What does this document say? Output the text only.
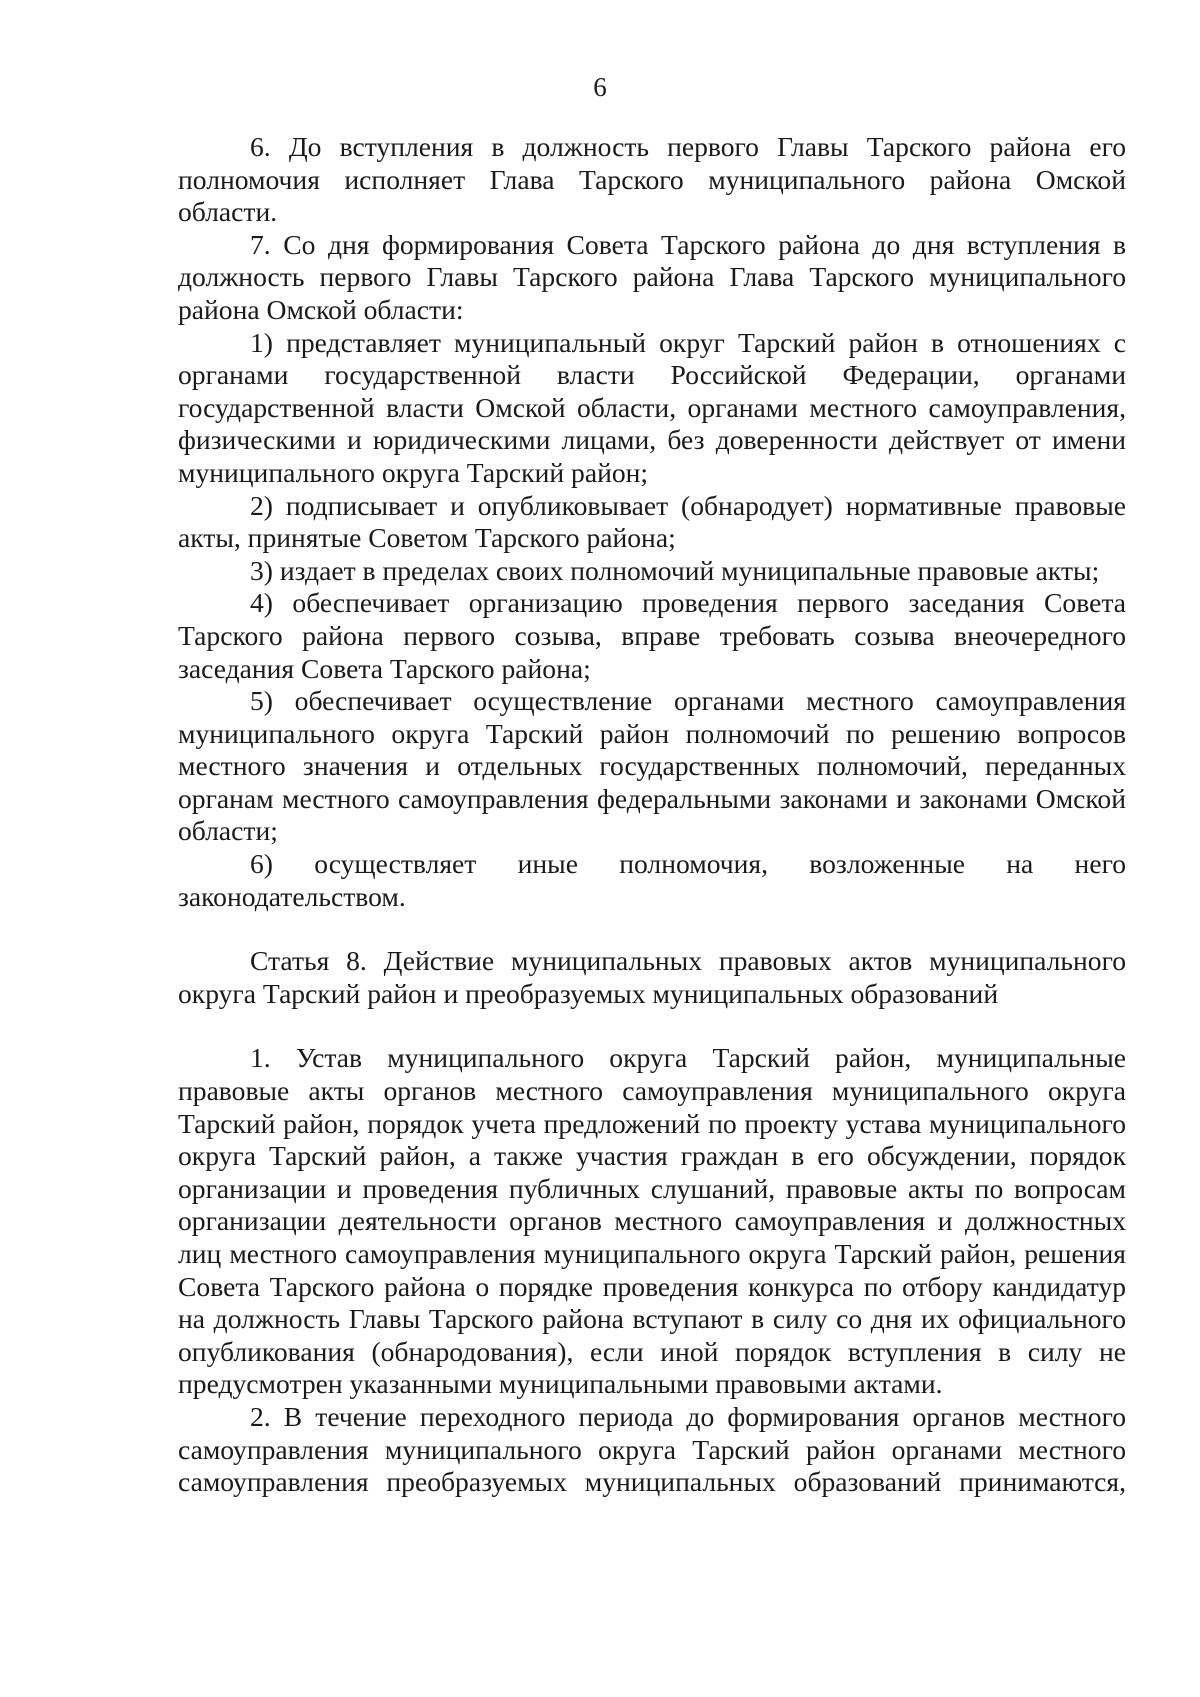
6

6. До вступления в должность первого Главы Тарского района его полномочия исполняет Глава Тарского муниципального района Омской области.

7. Со дня формирования Совета Тарского района до дня вступления в должность первого Главы Тарского района Глава Тарского муниципального района Омской области:

1) представляет муниципальный округ Тарский район в отношениях с органами государственной власти Российской Федерации, органами государственной власти Омской области, органами местного самоуправления, физическими и юридическими лицами, без доверенности действует от имени муниципального округа Тарский район;

2) подписывает и опубликовывает (обнародует) нормативные правовые акты, принятые Советом Тарского района;

3) издает в пределах своих полномочий муниципальные правовые акты;

4) обеспечивает организацию проведения первого заседания Совета Тарского района первого созыва, вправе требовать созыва внеочередного заседания Совета Тарского района;

5) обеспечивает осуществление органами местного самоуправления муниципального округа Тарский район полномочий по решению вопросов местного значения и отдельных государственных полномочий, переданных органам местного самоуправления федеральными законами и законами Омской области;

6) осуществляет иные полномочия, возложенные на него законодательством.

Статья 8. Действие муниципальных правовых актов муниципального округа Тарский район и преобразуемых муниципальных образований

1. Устав муниципального округа Тарский район, муниципальные правовые акты органов местного самоуправления муниципального округа Тарский район, порядок учета предложений по проекту устава муниципального округа Тарский район, а также участия граждан в его обсуждении, порядок организации и проведения публичных слушаний, правовые акты по вопросам организации деятельности органов местного самоуправления и должностных лиц местного самоуправления муниципального округа Тарский район, решения Совета Тарского района о порядке проведения конкурса по отбору кандидатур на должность Главы Тарского района вступают в силу со дня их официального опубликования (обнародования), если иной порядок вступления в силу не предусмотрен указанными муниципальными правовыми актами.

2. В течение переходного периода до формирования органов местного самоуправления муниципального округа Тарский район органами местного самоуправления преобразуемых муниципальных образований принимаются,
